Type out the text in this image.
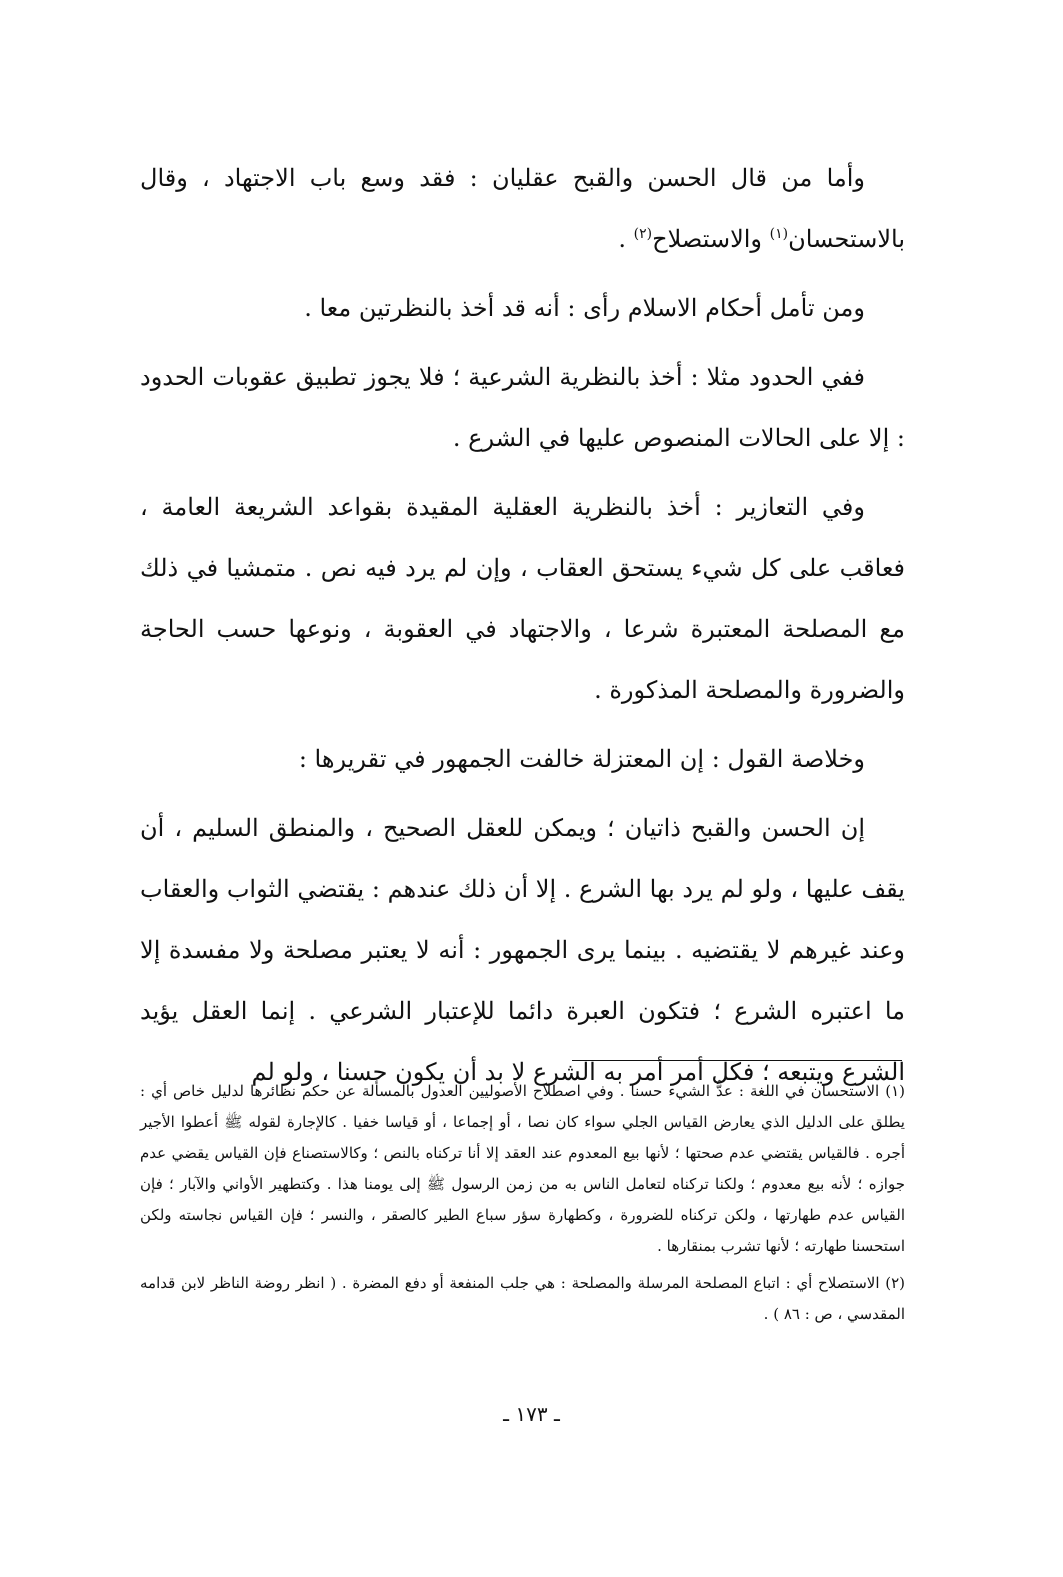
وأما من قال الحسن والقبح عقليان : فقد وسع باب الاجتهاد ، وقال بالاستحسان$^{(١)}$ والاستصلاح$^{(٢)}$ .

ومن تأمل أحكام الاسلام رأى : أنه قد أخذ بالنظرتين معا .

ففي الحدود مثلا : أخذ بالنظرية الشرعية ؛ فلا يجوز تطبيق عقوبات الحدود : إلا على الحالات المنصوص عليها في الشرع .

وفي التعازير : أخذ بالنظرية العقلية المقيدة بقواعد الشريعة العامة ، فعاقب على كل شيء يستحق العقاب ، وإن لم يرد فيه نص . متمشيا في ذلك مع المصلحة المعتبرة شرعا ، والاجتهاد في العقوبة ، ونوعها حسب الحاجة والضرورة والمصلحة المذكورة .

وخلاصة القول : إن المعتزلة خالفت الجمهور في تقريرها :

إن الحسن والقبح ذاتيان ؛ ويمكن للعقل الصحيح ، والمنطق السليم ، أن يقف عليها ، ولو لم يرد بها الشرع . إلا أن ذلك عندهم : يقتضي الثواب والعقاب وعند غيرهم لا يقتضيه . بينما يرى الجمهور : أنه لا يعتبر مصلحة ولا مفسدة إلا ما اعتبره الشرع ؛ فتكون العبرة دائما للإعتبار الشرعي . إنما العقل يؤيد الشرع ويتبعه ؛ فكل أمر أمر به الشرع لا بد أن يكون حسنا ، ولو لم

(١) الاستحسان في اللغة : عدُّ الشيء حسنا . وفي اصطلاح الأصوليين العدول بالمسألة عن حكم نظائرها لدليل خاص أي : يطلق على الدليل الذي يعارض القياس الجلي سواء كان نصا ، أو إجماعا ، أو قياسا خفيا . كالإجارة لقوله ﷺ أعطوا الأجير أجره . فالقياس يقتضي عدم صحتها ؛ لأنها بيع المعدوم عند العقد إلا أنا تركناه بالنص ؛ وكالاستصناع فإن القياس يقضي عدم جوازه ؛ لأنه بيع معدوم ؛ ولكنا تركناه لتعامل الناس به من زمن الرسول ﷺ إلى يومنا هذا . وكتطهير الأواني والآبار ؛ فإن القياس عدم طهارتها ، ولكن تركناه للضرورة ، وكطهارة سؤر سباع الطير كالصقر ، والنسر ؛ فإن القياس نجاسته ولكن استحسنا طهارته ؛ لأنها تشرب بمنقارها .

(٢) الاستصلاح أي : اتباع المصلحة المرسلة والمصلحة : هي جلب المنفعة أو دفع المضرة . ( انظر روضة الناظر لابن قدامه المقدسي ، ص : ٨٦ ) .

ـ ١٧٣ ـ
